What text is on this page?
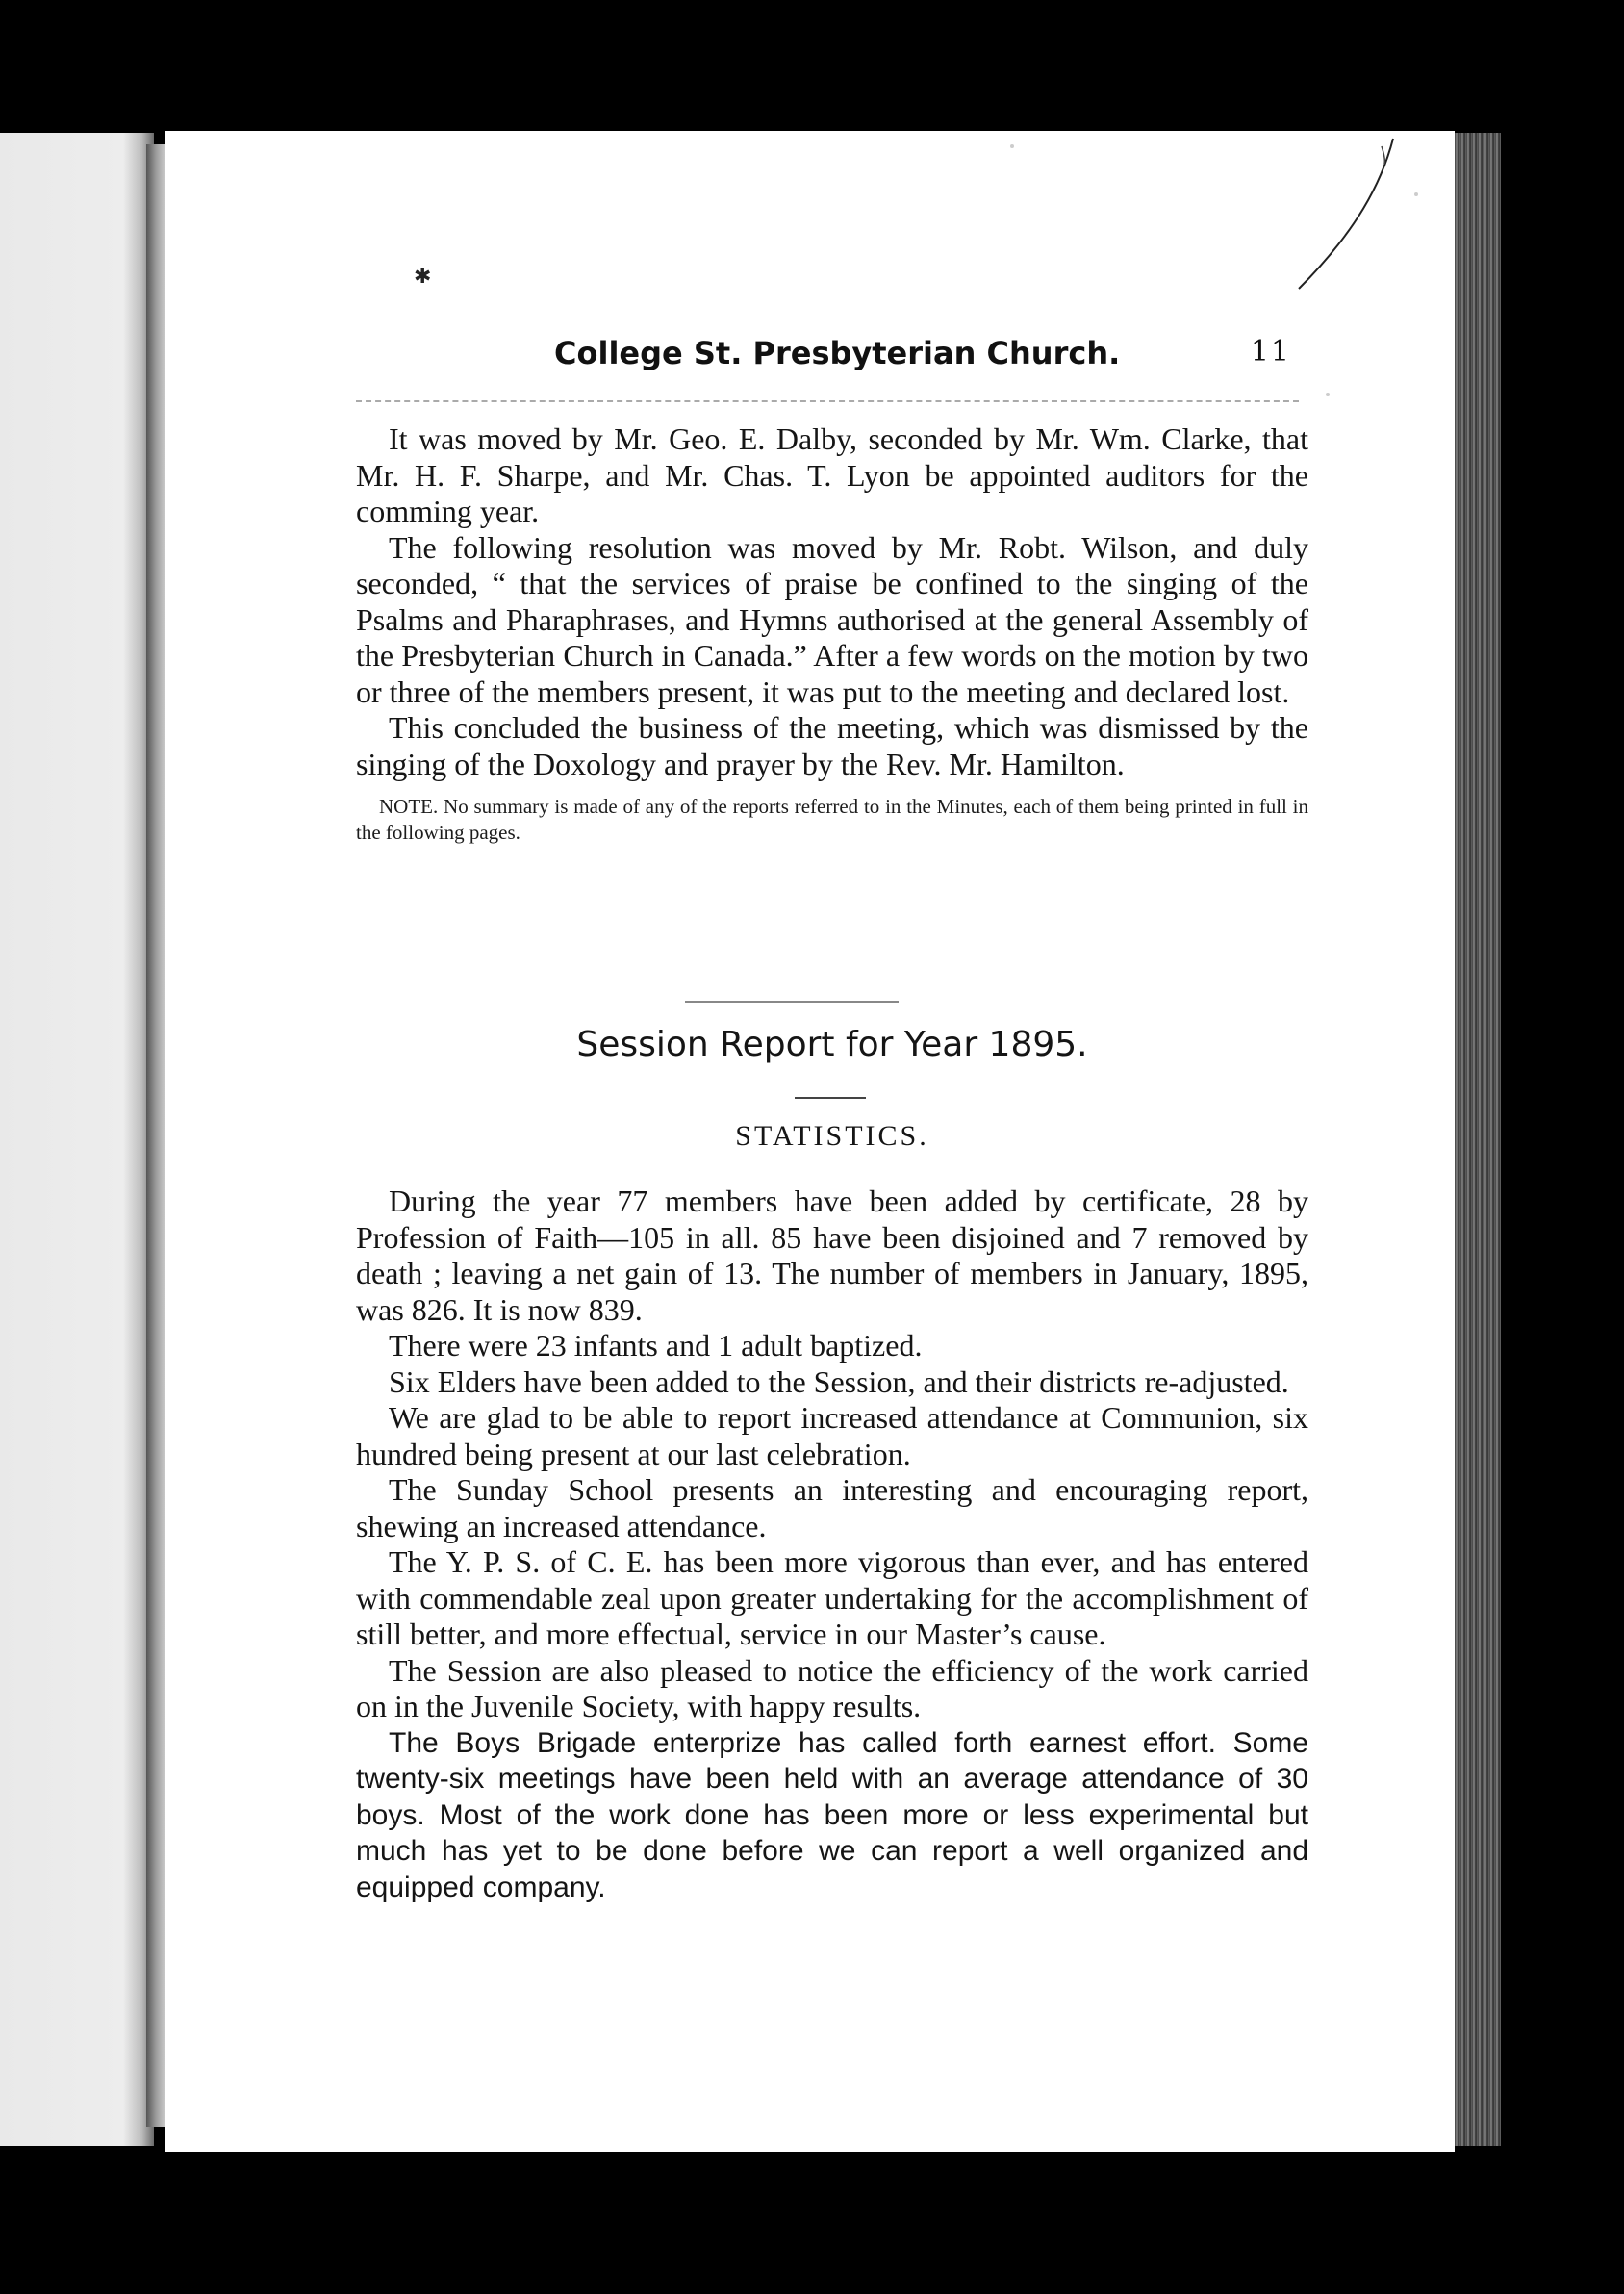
✱
College St. Presbyterian Church.	11

It was moved by Mr. Geo. E. Dalby, seconded by Mr. Wm. Clarke, that Mr. H. F. Sharpe, and Mr. Chas. T. Lyon be appointed auditors for the comming year.

The following resolution was moved by Mr. Robt. Wilson, and duly seconded, “ that the services of praise be confined to the singing of the Psalms and Pharaphrases, and Hymns authorised at the general Assembly of the Presbyterian Church in Canada.” After a few words on the motion by two or three of the members present, it was put to the meeting and declared lost.

This concluded the business of the meeting, which was dismissed by the singing of the Doxology and prayer by the Rev. Mr. Hamilton.

NOTE. No summary is made of any of the reports referred to in the Minutes, each of them being printed in full in the following pages.

Session Report for Year 1895.
STATISTICS.

During the year 77 members have been added by certificate, 28 by Profession of Faith—105 in all. 85 have been disjoined and 7 removed by death ; leaving a net gain of 13. The number of members in January, 1895, was 826. It is now 839.

There were 23 infants and 1 adult baptized.

Six Elders have been added to the Session, and their districts re-adjusted.

We are glad to be able to report increased attendance at Communion, six hundred being present at our last celebration.

The Sunday School presents an interesting and encouraging report, shewing an increased attendance.

The Y. P. S. of C. E. has been more vigorous than ever, and has entered with commendable zeal upon greater undertaking for the accomplishment of still better, and more effectual, service in our Master’s cause.

The Session are also pleased to notice the efficiency of the work carried on in the Juvenile Society, with happy results.

The Boys Brigade enterprize has called forth earnest effort. Some twenty-six meetings have been held with an average attendance of 30 boys. Most of the work done has been more or less experimental but much has yet to be done before we can report a well organized and equipped company.
